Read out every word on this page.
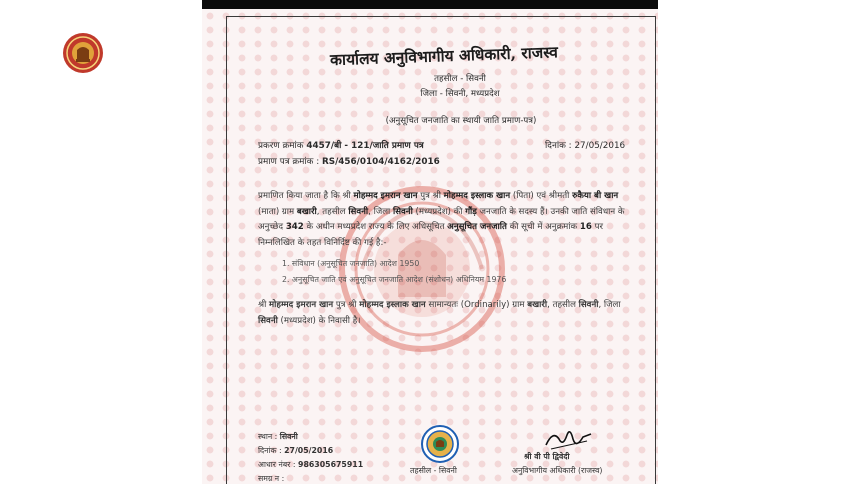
कार्यालय अनुविभागीय अधिकारी, राजस्व
तहसील - सिवनी
जिला - सिवनी, मध्यप्रदेश
(अनुसूचित जनजाति का स्थायी जाति प्रमाण-पत्र)
प्रकरण क्रमांक 4457/बी - 121/जाति प्रमाण पत्र	दिनांक : 27/05/2016
प्रमाण पत्र क्रमांक : RS/456/0104/4162/2016
प्रमाणित किया जाता है कि श्री मोहम्मद इमरान खान पुत्र श्री मोहम्मद इस्लाक खान (पिता) एवं श्रीमती रुकैया बी खान (माता) ग्राम बखारी, तहसील सिवनी, जिला सिवनी (मध्यप्रदेश) की गौंड़ जनजाति के सदस्य हैं। उनकी जाति संविधान के अनुच्छेद 342 के अधीन मध्यप्रदेश राज्य के लिए अधिसूचित अनुसूचित जनजाति की सूची में अनुक्रमांक 16 पर निम्नलिखित के तहत विनिर्दिष्ट की गई है:-
1. संविधान (अनुसूचित जनजाति) आदेश 1950
2. अनुसूचित जाति एवं अनुसूचित जनजाति आदेश (संशोधन) अधिनियम 1976
श्री मोहम्मद इमरान खान पुत्र श्री मोहम्मद इस्लाक खान सामान्यतः (Ordinarily) ग्राम बखारी, तहसील सिवनी, जिला सिवनी (मध्यप्रदेश) के निवासी है।
स्थान : सिवनी
दिनांक : 27/05/2016
आधार नंबर : 986305675911
समग्र न :
तहसील - सिवनी
श्री वी पी द्विवेदी
अनुविभागीय अधिकारी (राजस्व)
